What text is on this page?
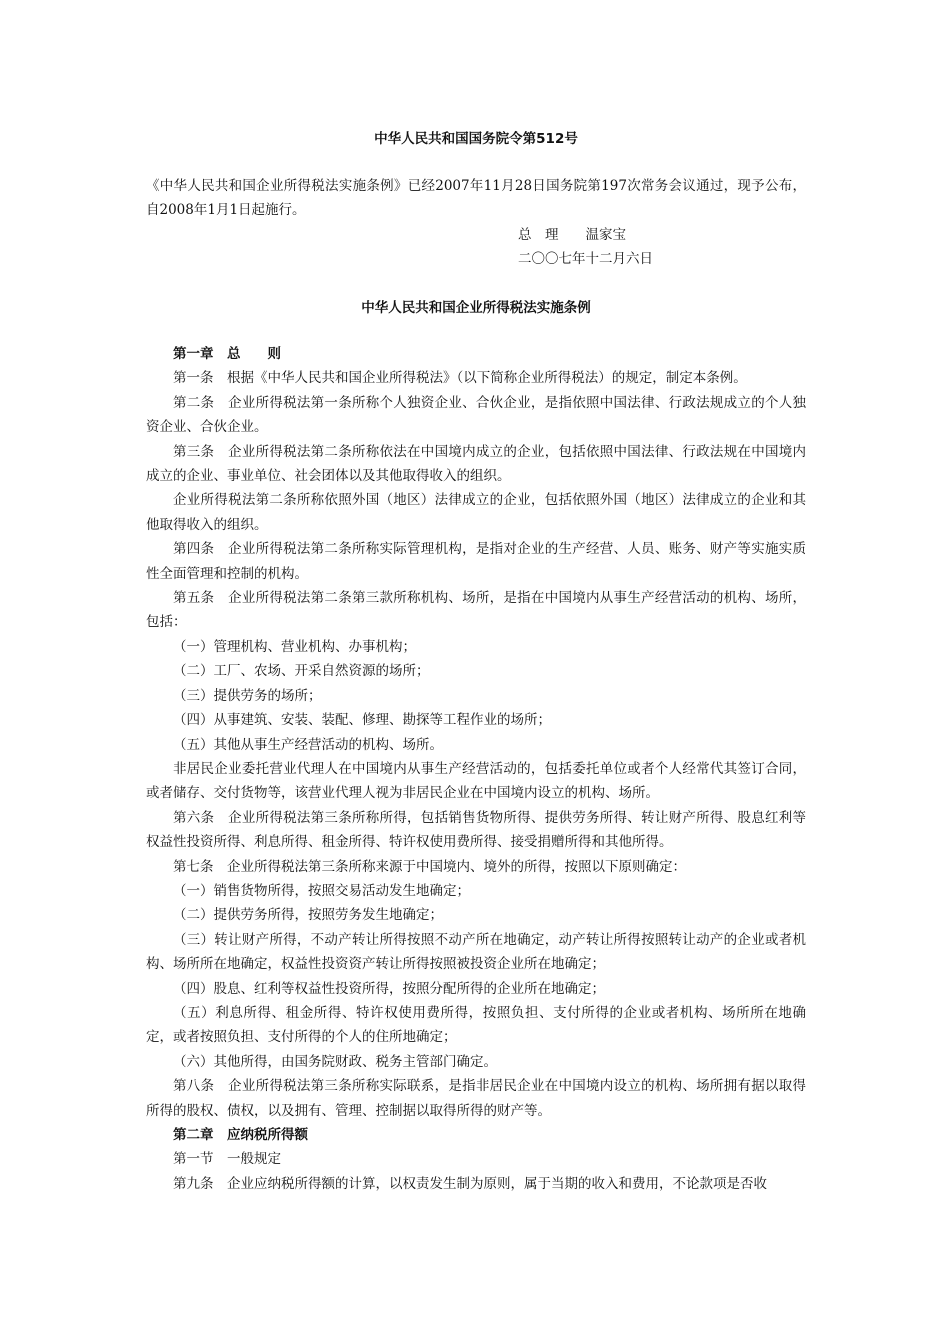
中华人民共和国国务院令第512号
《中华人民共和国企业所得税法实施条例》已经2007年11月28日国务院第197次常务会议通过，现予公布，自2008年1月1日起施行。
总　理　　温家宝
二〇〇七年十二月六日
中华人民共和国企业所得税法实施条例

第一章　总　　则

第一条　根据《中华人民共和国企业所得税法》（以下简称企业所得税法）的规定，制定本条例。

第二条　企业所得税法第一条所称个人独资企业、合伙企业，是指依照中国法律、行政法规成立的个人独资企业、合伙企业。

第三条　企业所得税法第二条所称依法在中国境内成立的企业，包括依照中国法律、行政法规在中国境内成立的企业、事业单位、社会团体以及其他取得收入的组织。

企业所得税法第二条所称依照外国（地区）法律成立的企业，包括依照外国（地区）法律成立的企业和其他取得收入的组织。

第四条　企业所得税法第二条所称实际管理机构，是指对企业的生产经营、人员、账务、财产等实施实质性全面管理和控制的机构。

第五条　企业所得税法第二条第三款所称机构、场所，是指在中国境内从事生产经营活动的机构、场所，包括：

（一）管理机构、营业机构、办事机构；

（二）工厂、农场、开采自然资源的场所；

（三）提供劳务的场所；

（四）从事建筑、安装、装配、修理、勘探等工程作业的场所；

（五）其他从事生产经营活动的机构、场所。

非居民企业委托营业代理人在中国境内从事生产经营活动的，包括委托单位或者个人经常代其签订合同，或者储存、交付货物等，该营业代理人视为非居民企业在中国境内设立的机构、场所。

第六条　企业所得税法第三条所称所得，包括销售货物所得、提供劳务所得、转让财产所得、股息红利等权益性投资所得、利息所得、租金所得、特许权使用费所得、接受捐赠所得和其他所得。

第七条　企业所得税法第三条所称来源于中国境内、境外的所得，按照以下原则确定：

（一）销售货物所得，按照交易活动发生地确定；

（二）提供劳务所得，按照劳务发生地确定；

（三）转让财产所得，不动产转让所得按照不动产所在地确定，动产转让所得按照转让动产的企业或者机构、场所所在地确定，权益性投资资产转让所得按照被投资企业所在地确定；

（四）股息、红利等权益性投资所得，按照分配所得的企业所在地确定；

（五）利息所得、租金所得、特许权使用费所得，按照负担、支付所得的企业或者机构、场所所在地确定，或者按照负担、支付所得的个人的住所地确定；

（六）其他所得，由国务院财政、税务主管部门确定。

第八条　企业所得税法第三条所称实际联系，是指非居民企业在中国境内设立的机构、场所拥有据以取得所得的股权、债权，以及拥有、管理、控制据以取得所得的财产等。

第二章　应纳税所得额

第一节　一般规定

第九条　企业应纳税所得额的计算，以权责发生制为原则，属于当期的收入和费用，不论款项是否收
